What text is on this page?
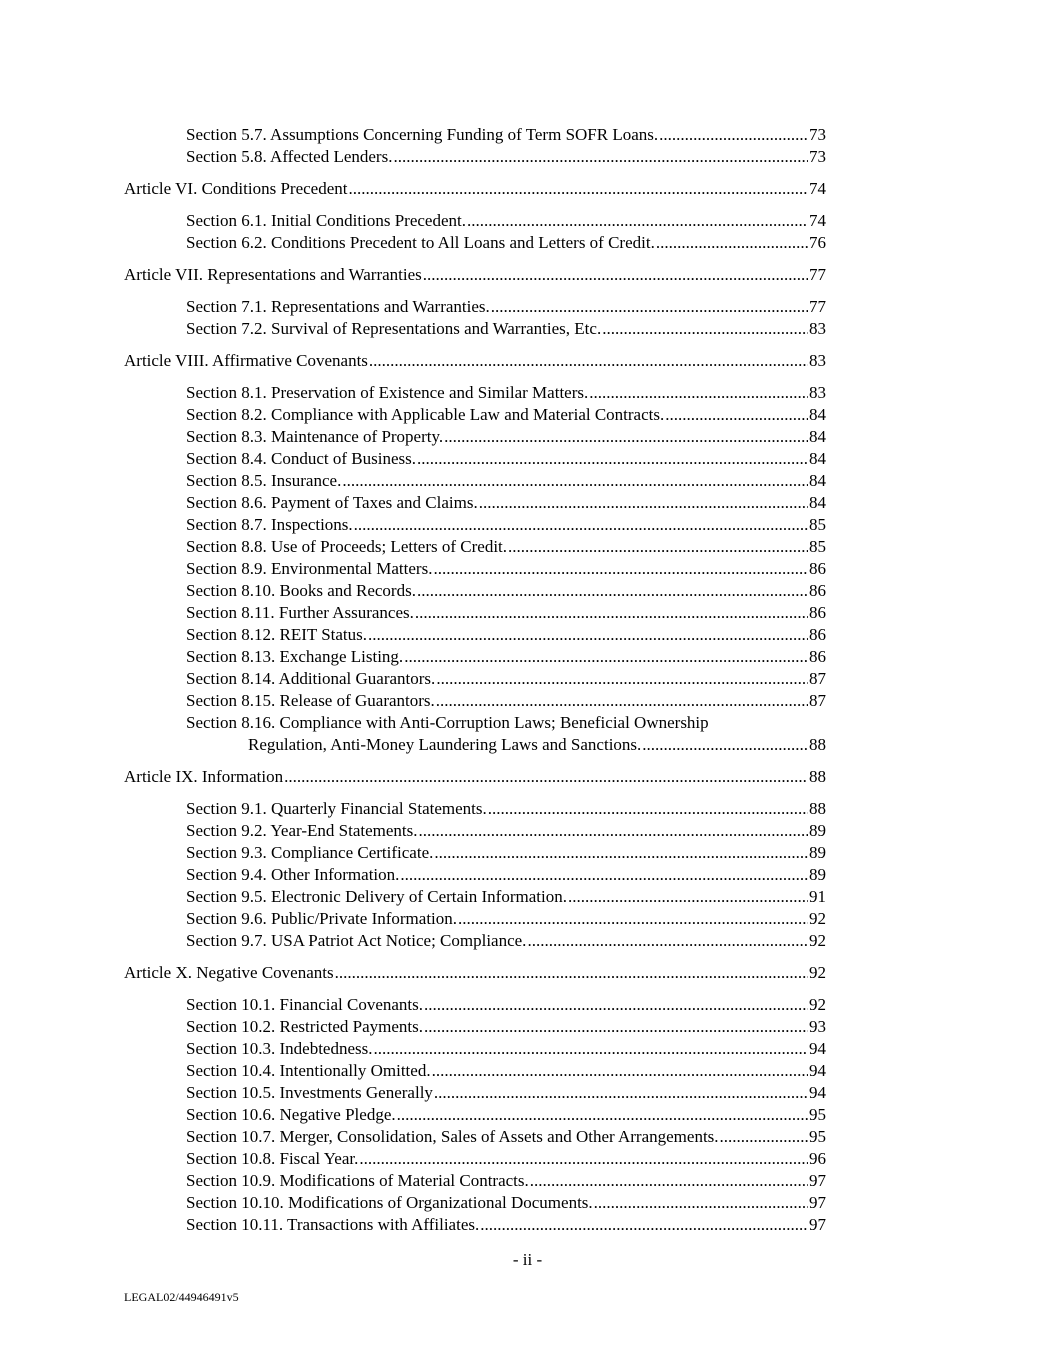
Section 5.7. Assumptions Concerning Funding of Term SOFR Loans. .....	73
Section 5.8. Affected Lenders. .....	73
Article VI. Conditions Precedent .....	74
Section 6.1. Initial Conditions Precedent. .....	74
Section 6.2. Conditions Precedent to All Loans and Letters of Credit. .....	76
Article VII. Representations and Warranties .....	77
Section 7.1. Representations and Warranties. .....	77
Section 7.2. Survival of Representations and Warranties, Etc. .....	83
Article VIII. Affirmative Covenants .....	83
Section 8.1. Preservation of Existence and Similar Matters. .....	83
Section 8.2. Compliance with Applicable Law and Material Contracts. .....	84
Section 8.3. Maintenance of Property. .....	84
Section 8.4. Conduct of Business. .....	84
Section 8.5. Insurance. .....	84
Section 8.6. Payment of Taxes and Claims. .....	84
Section 8.7. Inspections. .....	85
Section 8.8. Use of Proceeds; Letters of Credit. .....	85
Section 8.9. Environmental Matters. .....	86
Section 8.10. Books and Records. .....	86
Section 8.11. Further Assurances. .....	86
Section 8.12. REIT Status. .....	86
Section 8.13. Exchange Listing. .....	86
Section 8.14. Additional Guarantors. .....	87
Section 8.15. Release of Guarantors. .....	87
Section 8.16. Compliance with Anti-Corruption Laws; Beneficial Ownership
Regulation, Anti-Money Laundering Laws and Sanctions. .....	88
Article IX. Information .....	88
Section 9.1. Quarterly Financial Statements. .....	88
Section 9.2. Year-End Statements. .....	89
Section 9.3. Compliance Certificate. .....	89
Section 9.4. Other Information. .....	89
Section 9.5. Electronic Delivery of Certain Information. .....	91
Section 9.6. Public/Private Information. .....	92
Section 9.7. USA Patriot Act Notice; Compliance. .....	92
Article X. Negative Covenants .....	92
Section 10.1. Financial Covenants. .....	92
Section 10.2. Restricted Payments. .....	93
Section 10.3. Indebtedness. .....	94
Section 10.4. Intentionally Omitted. .....	94
Section 10.5. Investments Generally .....	94
Section 10.6. Negative Pledge. .....	95
Section 10.7. Merger, Consolidation, Sales of Assets and Other Arrangements. .....	95
Section 10.8. Fiscal Year. .....	96
Section 10.9. Modifications of Material Contracts. .....	97
Section 10.10. Modifications of Organizational Documents. .....	97
Section 10.11. Transactions with Affiliates. .....	97
- ii -
LEGAL02/44946491v5
